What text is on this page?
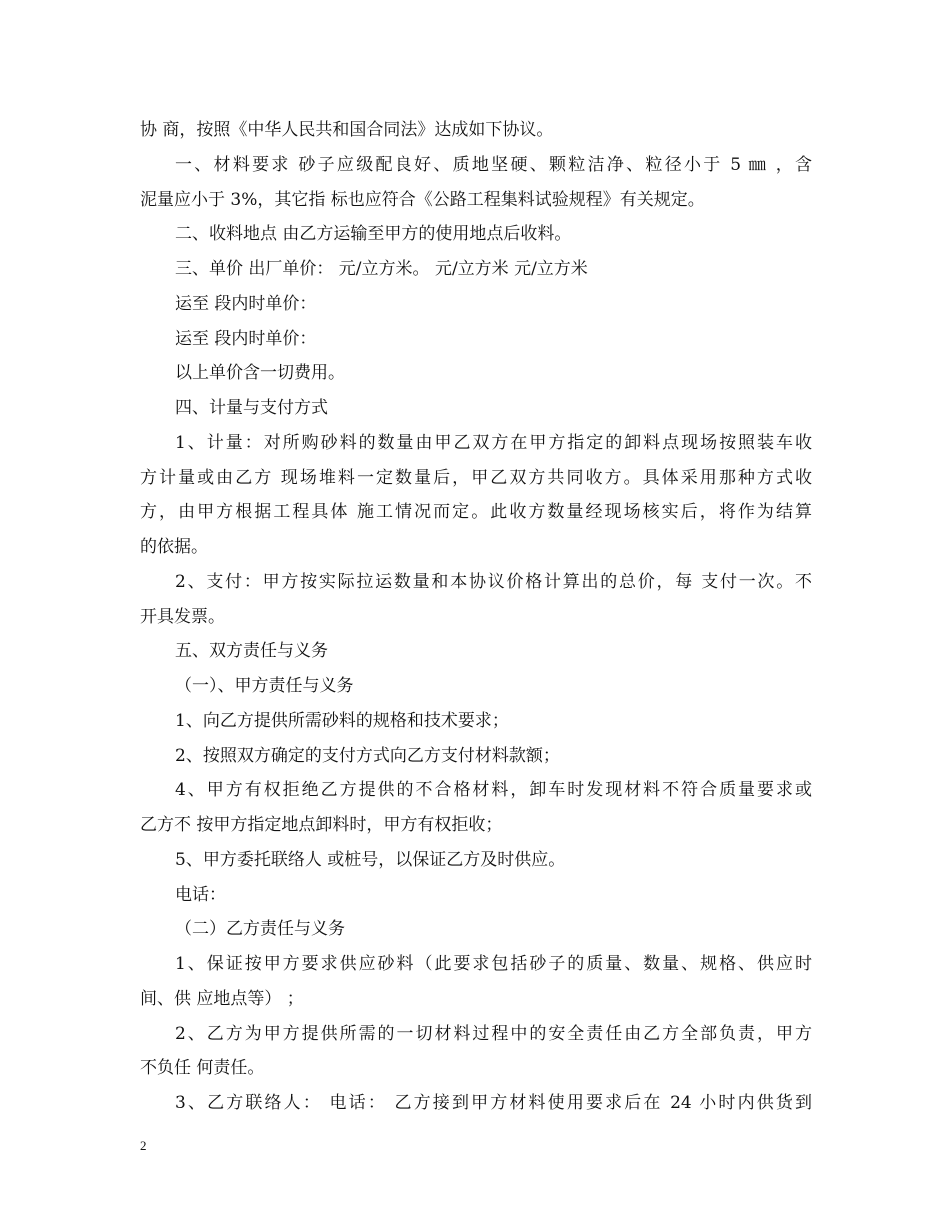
协 商，按照《中华人民共和国合同法》达成如下协议。
一、材料要求 砂子应级配良好、质地坚硬、颗粒洁净、粒径小于 5 ㎜ ，含
泥量应小于 3%，其它指 标也应符合《公路工程集料试验规程》有关规定。
二、收料地点 由乙方运输至甲方的使用地点后收料。
三、单价 出厂单价： 元/立方米。 元/立方米 元/立方米
运至 段内时单价：
运至 段内时单价：
以上单价含一切费用。
四、计量与支付方式
1、计量：对所购砂料的数量由甲乙双方在甲方指定的卸料点现场按照装车收
方计量或由乙方 现场堆料一定数量后，甲乙双方共同收方。具体采用那种方式收
方，由甲方根据工程具体 施工情况而定。此收方数量经现场核实后，将作为结算
的依据。
2、支付：甲方按实际拉运数量和本协议价格计算出的总价，每 支付一次。不
开具发票。
五、双方责任与义务
（一）、甲方责任与义务
1、向乙方提供所需砂料的规格和技术要求；
2、按照双方确定的支付方式向乙方支付材料款额；
4、甲方有权拒绝乙方提供的不合格材料，卸车时发现材料不符合质量要求或
乙方不 按甲方指定地点卸料时，甲方有权拒收；
5、甲方委托联络人 或桩号，以保证乙方及时供应。
电话：
（二）乙方责任与义务
1、保证按甲方要求供应砂料（此要求包括砂子的质量、数量、规格、供应时
间、供 应地点等） ；
2、乙方为甲方提供所需的一切材料过程中的安全责任由乙方全部负责，甲方
不负任 何责任。
3、乙方联络人： 电话： 乙方接到甲方材料使用要求后在 24 小时内供货到
2
